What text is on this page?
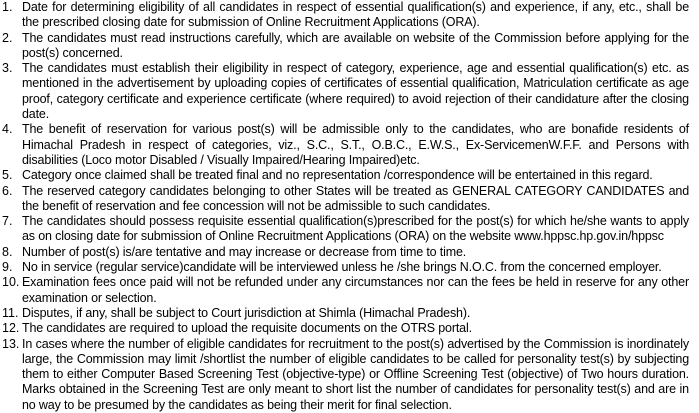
1. Date for determining eligibility of all candidates in respect of essential qualification(s) and experience, if any, etc., shall be the prescribed closing date for submission of Online Recruitment Applications (ORA).
2. The candidates must read instructions carefully, which are available on website of the Commission before applying for the post(s) concerned.
3. The candidates must establish their eligibility in respect of category, experience, age and essential qualification(s) etc. as mentioned in the advertisement by uploading copies of certificates of essential qualification, Matriculation certificate as age proof, category certificate and experience certificate (where required) to avoid rejection of their candidature after the closing date.
4. The benefit of reservation for various post(s) will be admissible only to the candidates, who are bonafide residents of Himachal Pradesh in respect of categories, viz., S.C., S.T., O.B.C., E.W.S., Ex-ServicemenW.F.F. and Persons with disabilities (Loco motor Disabled / Visually Impaired/Hearing Impaired)etc.
5. Category once claimed shall be treated final and no representation /correspondence will be entertained in this regard.
6. The reserved category candidates belonging to other States will be treated as GENERAL CATEGORY CANDIDATES and the benefit of reservation and fee concession will not be admissible to such candidates.
7. The candidates should possess requisite essential qualification(s)prescribed for the post(s) for which he/she wants to apply as on closing date for submission of Online Recruitment Applications (ORA) on the website www.hppsc.hp.gov.in/hppsc
8. Number of post(s) is/are tentative and may increase or decrease from time to time.
9. No in service (regular service)candidate will be interviewed unless he /she brings N.O.C. from the concerned employer.
10. Examination fees once paid will not be refunded under any circumstances nor can the fees be held in reserve for any other examination or selection.
11. Disputes, if any, shall be subject to Court jurisdiction at Shimla (Himachal Pradesh).
12. The candidates are required to upload the requisite documents on the OTRS portal.
13. In cases where the number of eligible candidates for recruitment to the post(s) advertised by the Commission is inordinately large, the Commission may limit /shortlist the number of eligible candidates to be called for personality test(s) by subjecting them to either Computer Based Screening Test (objective-type) or Offline Screening Test (objective) of Two hours duration. Marks obtained in the Screening Test are only meant to short list the number of candidates for personality test(s) and are in no way to be presumed by the candidates as being their merit for final selection.
